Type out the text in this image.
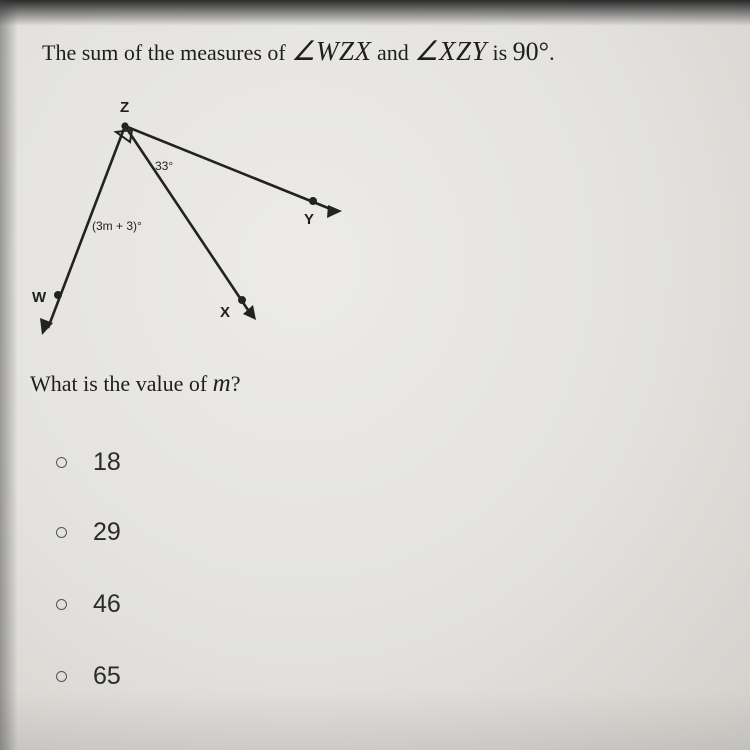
The sum of the measures of ∠WZX and ∠XZY is 90°.
Z
Y
X
W
33°
(3m + 3)°
What is the value of m?
18
29
46
65
